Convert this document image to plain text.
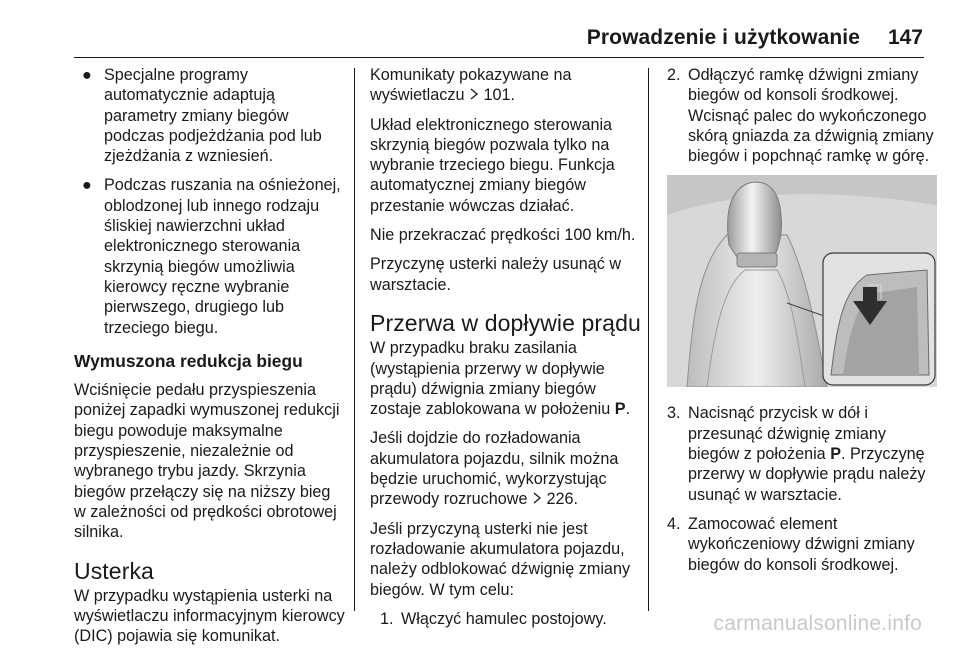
Prowadzenie i użytkowanie 147
● Specjalne programy automatycznie adaptują parametry zmiany biegów podczas podjeżdżania pod lub zjeżdżania z wzniesień.
● Podczas ruszania na ośnieżonej, oblodzonej lub innego rodzaju śliskiej nawierzchni układ elektronicznego sterowania skrzynią biegów umożliwia kierowcy ręczne wybranie pierwszego, drugiego lub trzeciego biegu.
Wymuszona redukcja biegu

Wciśnięcie pedału przyspieszenia poniżej zapadki wymuszonej redukcji biegu powoduje maksymalne przyspieszenie, niezależnie od wybranego trybu jazdy. Skrzynia biegów przełączy się na niższy bieg w zależności od prędkości obrotowej silnika.

Usterka

W przypadku wystąpienia usterki na wyświetlaczu informacyjnym kierowcy (DIC) pojawia się komunikat.

Komunikaty pokazywane na wyświetlaczu 101.

Układ elektronicznego sterowania skrzynią biegów pozwala tylko na wybranie trzeciego biegu. Funkcja automatycznej zmiany biegów przestanie wówczas działać.

Nie przekraczać prędkości 100 km/h.

Przyczynę usterki należy usunąć w warsztacie.

Przerwa w dopływie prądu

W przypadku braku zasilania (wystąpienia przerwy w dopływie prądu) dźwignia zmiany biegów zostaje zablokowana w położeniu P.

Jeśli dojdzie do rozładowania akumulatora pojazdu, silnik można będzie uruchomić, wykorzystując przewody rozruchowe 226.

Jeśli przyczyną usterki nie jest rozładowanie akumulatora pojazdu, należy odblokować dźwignię zmiany biegów. W tym celu:

1. Włączyć hamulec postojowy.
2. Odłączyć ramkę dźwigni zmiany biegów od konsoli środkowej. Wcisnąć palec do wykończonego skórą gniazda za dźwignią zmiany biegów i popchnąć ramkę w górę.
3. Nacisnąć przycisk w dół i przesunąć dźwignię zmiany biegów z położenia P. Przyczynę przerwy w dopływie prądu należy usunąć w warsztacie.
4. Zamocować element wykończeniowy dźwigni zmiany biegów do konsoli środkowej.
carmanualsonline.info
